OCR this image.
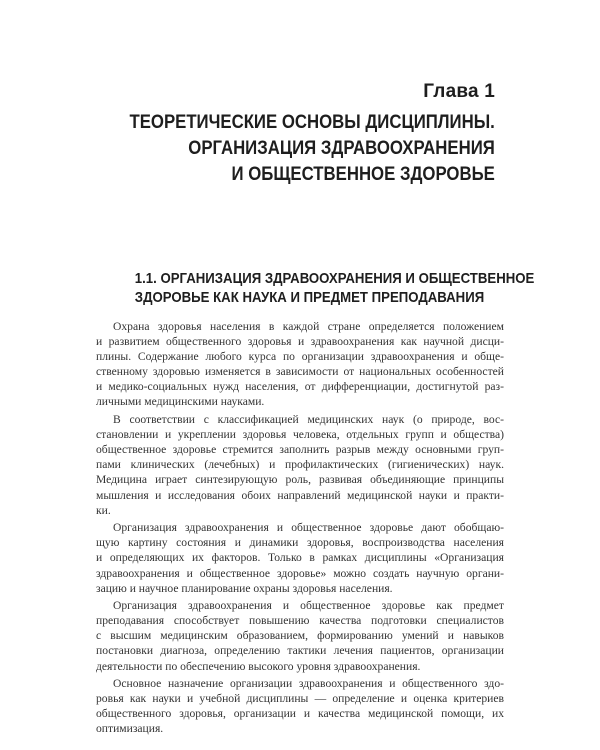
Глава 1
ТЕОРЕТИЧЕСКИЕ ОСНОВЫ ДИСЦИПЛИНЫ.
ОРГАНИЗАЦИЯ ЗДРАВООХРАНЕНИЯ
И ОБЩЕСТВЕННОЕ ЗДОРОВЬЕ
1.1. ОРГАНИЗАЦИЯ ЗДРАВООХРАНЕНИЯ И ОБЩЕСТВЕННОЕ
ЗДОРОВЬЕ КАК НАУКА И ПРЕДМЕТ ПРЕПОДАВАНИЯ
Охрана здоровья населения в каждой стране определяется положением
и развитием общественного здоровья и здравоохранения как научной дисци-
плины. Содержание любого курса по организации здравоохранения и обще-
ственному здоровью изменяется в зависимости от национальных особенностей
и медико-социальных нужд населения, от дифференциации, достигнутой раз-
личными медицинскими науками.
В соответствии с классификацией медицинских наук (о природе, вос-
становлении и укреплении здоровья человека, отдельных групп и общества)
общественное здоровье стремится заполнить разрыв между основными груп-
пами клинических (лечебных) и профилактических (гигиенических) наук.
Медицина играет синтезирующую роль, развивая объединяющие принципы
мышления и исследования обоих направлений медицинской науки и практи-
ки.
Организация здравоохранения и общественное здоровье дают обобщаю-
щую картину состояния и динамики здоровья, воспроизводства населения
и определяющих их факторов. Только в рамках дисциплины «Организация
здравоохранения и общественное здоровье» можно создать научную органи-
зацию и научное планирование охраны здоровья населения.
Организация здравоохранения и общественное здоровье как предмет
преподавания способствует повышению качества подготовки специалистов
с высшим медицинским образованием, формированию умений и навыков
постановки диагноза, определению тактики лечения пациентов, организации
деятельности по обеспечению высокого уровня здравоохранения.
Основное назначение организации здравоохранения и общественного здо-
ровья как науки и учебной дисциплины — определение и оценка критериев
общественного здоровья, организации и качества медицинской помощи, их
оптимизация.
